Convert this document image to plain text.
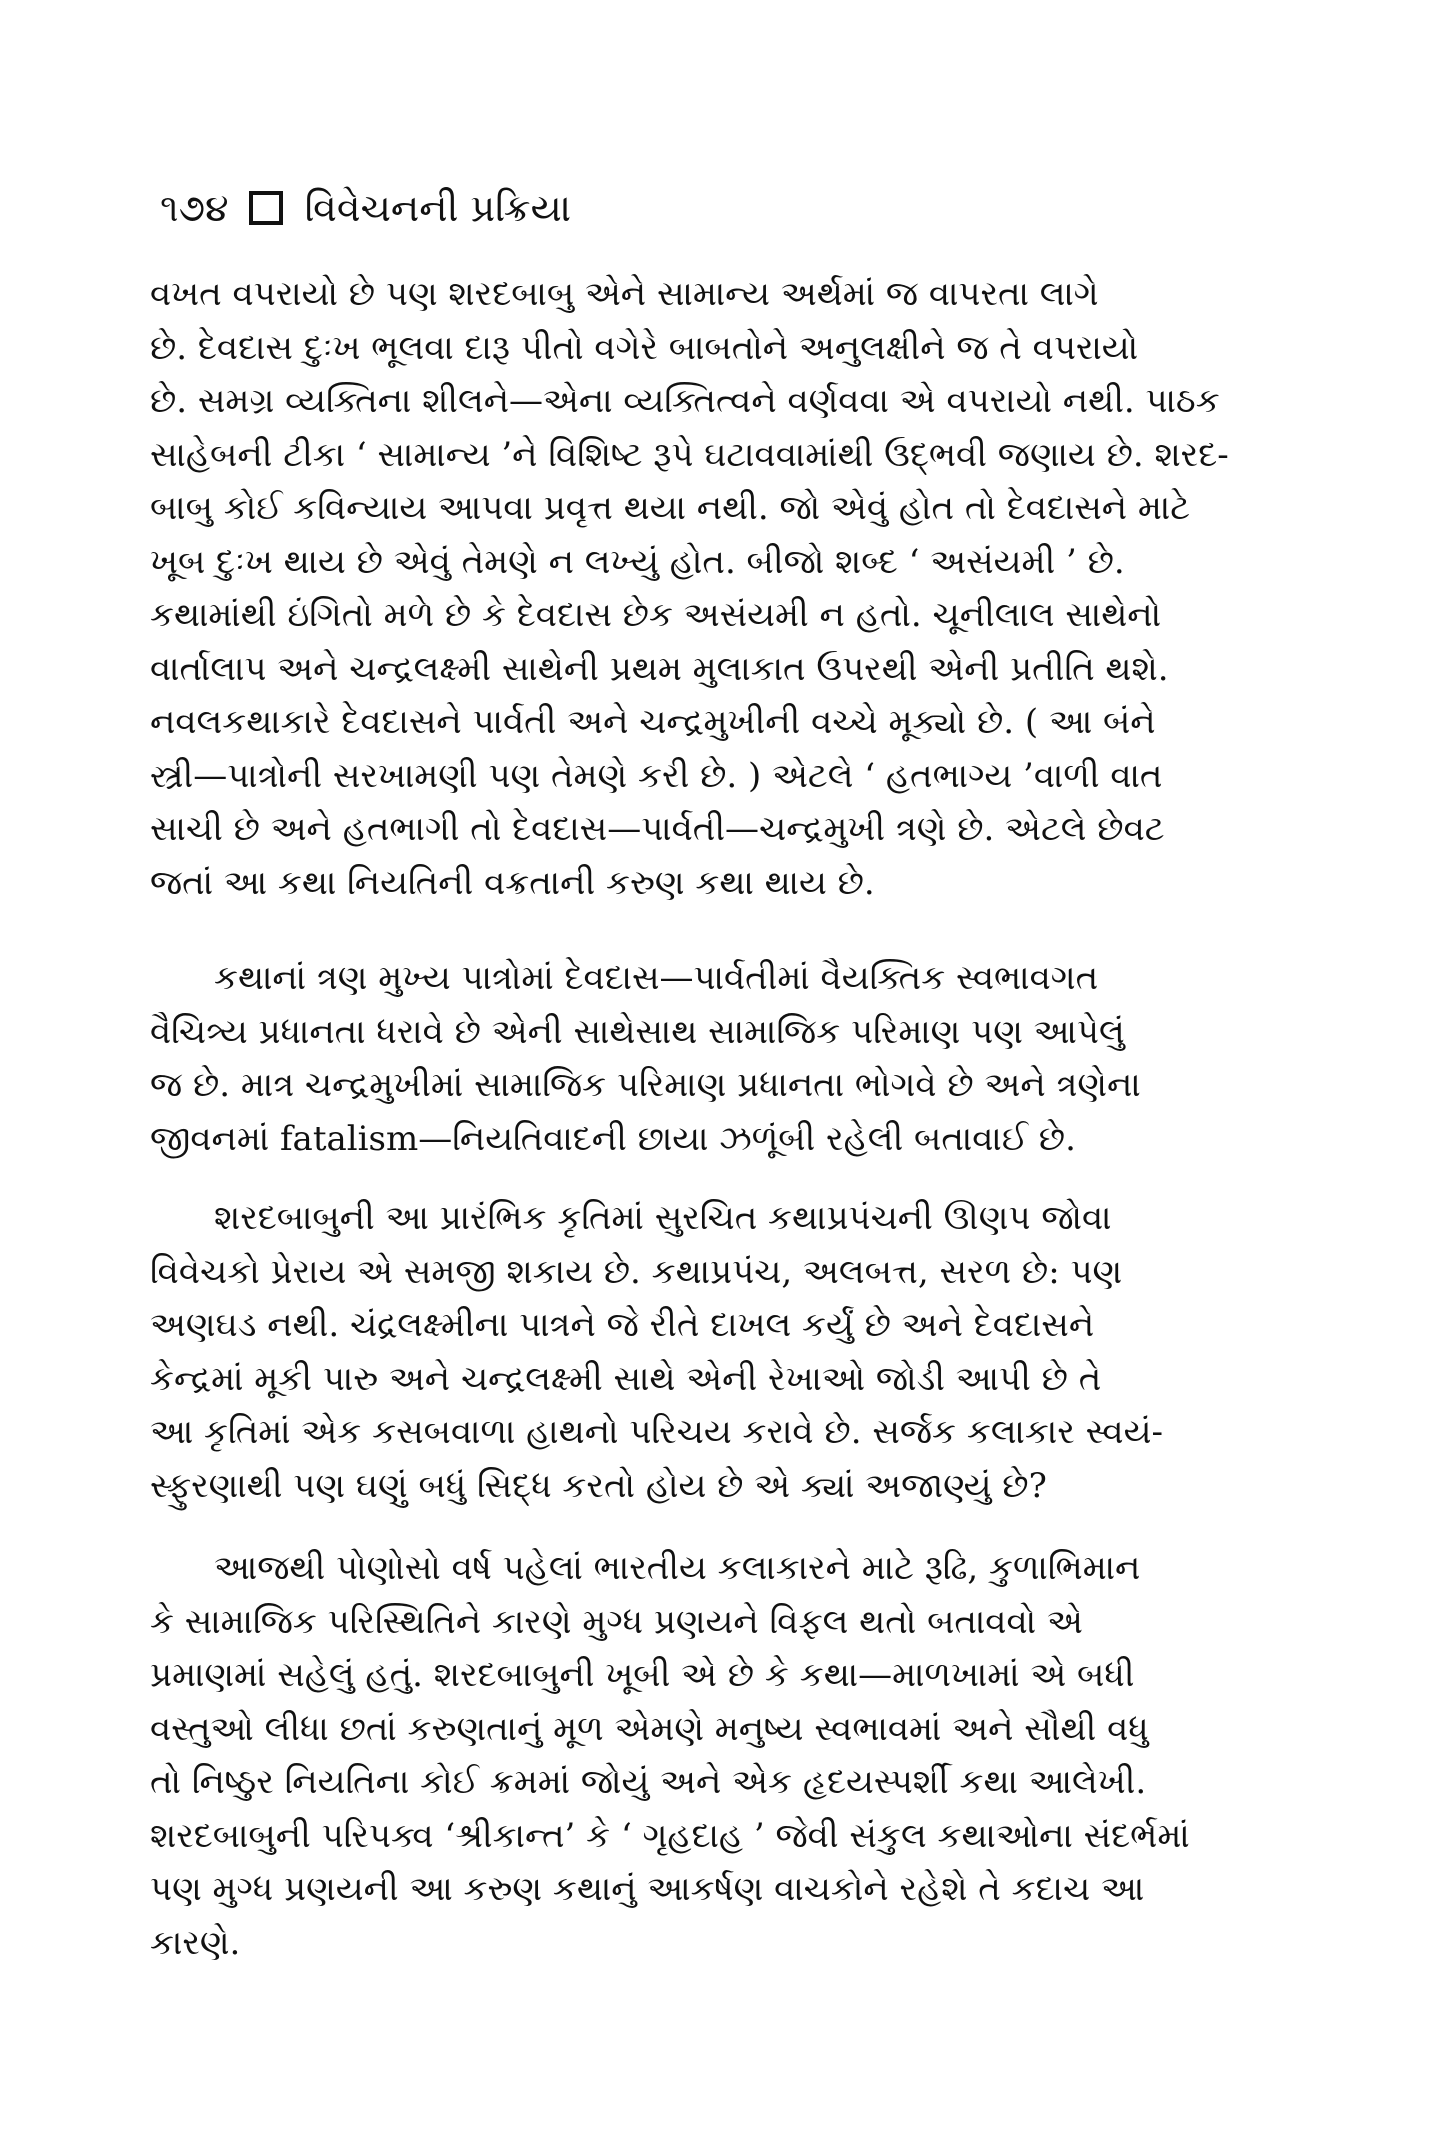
૧૭૪ વિવેચનની પ્રક્રિયા
વખત વપરાયો છે પણ શરદબાબુ એને સામાન્ય અર્થમાં જ વાપરતા લાગે
છે. દેવદાસ દુઃખ ભૂલવા દારૂ પીતો વગેરે બાબતોને અનુલક્ષીને જ તે વપરાયો
છે. સમગ્ર વ્યક્તિના શીલને—એના વ્યક્તિત્વને વર્ણવવા એ વપરાયો નથી. પાઠક
સાહેબની ટીકા ‘ સામાન્ય ’ને વિશિષ્ટ રૂપે ઘટાવવામાંથી ઉદ્‌ભવી જણાય છે. શરદ-
બાબુ કોઈ કવિન્યાય આપવા પ્રવૃત્ત થયા નથી. જો એવું હોત તો દેવદાસને માટે
ખૂબ દુઃખ થાય છે એવું તેમણે ન લખ્યું હોત. બીજો શબ્દ ‘ અસંયમી ’ છે.
કથામાંથી ઇંગિતો મળે છે કે દેવદાસ છેક અસંયમી ન હતો. ચૂનીલાલ સાથેનો
વાર્તાલાપ અને ચન્દ્રલક્ષ્મી સાથેની પ્રથમ મુલાકાત ઉપરથી એની પ્રતીતિ થશે.
નવલકથાકારે દેવદાસને પાર્વતી અને ચન્દ્રમુખીની વચ્ચે મૂક્યો છે. ( આ બંને
સ્ત્રી—પાત્રોની સરખામણી પણ તેમણે કરી છે. ) એટલે ‘ હતભાગ્ય ’વાળી વાત
સાચી છે અને હતભાગી તો દેવદાસ—પાર્વતી—ચન્દ્રમુખી ત્રણે છે. એટલે છેવટ
જતાં આ કથા નિયતિની વક્રતાની કરુણ કથા થાય છે.
કથાનાં ત્રણ મુખ્ય પાત્રોમાં દેવદાસ—પાર્વતીમાં વૈયક્તિક સ્વભાવગત
વૈચિત્ર્ય પ્રધાનતા ધરાવે છે એની સાથેસાથ સામાજિક પરિમાણ પણ આપેલું
જ છે. માત્ર ચન્દ્રમુખીમાં સામાજિક પરિમાણ પ્રધાનતા ભોગવે છે અને ત્રણેના
જીવનમાં fatalism—નિયતિવાદની છાયા ઝળૂંબી રહેલી બતાવાઈ છે.
શરદબાબુની આ પ્રારંભિક કૃતિમાં સુરચિત કથાપ્રપંચની ઊણપ જોવા
વિવેચકો પ્રેરાય એ સમજી શકાય છે. કથાપ્રપંચ, અલબત્ત, સરળ છે: પણ
અણઘડ નથી. ચંદ્રલક્ષ્મીના પાત્રને જે રીતે દાખલ કર્યું છે અને દેવદાસને
કેન્દ્રમાં મૂકી પારુ અને ચન્દ્રલક્ષ્મી સાથે એની રેખાઓ જોડી આપી છે તે
આ કૃતિમાં એક કસબવાળા હાથનો પરિચય કરાવે છે. સર્જક કલાકાર સ્વયં-
સ્ફુરણાથી પણ ઘણું બધું સિદ્ધ કરતો હોય છે એ ક્યાં અજાણ્યું છે?
આજથી પોણોસો વર્ષ પહેલાં ભારતીય કલાકારને માટે રૂઢિ, કુળાભિમાન
કે સામાજિક પરિસ્થિતિને કારણે મુગ્ધ પ્રણયને વિફલ થતો બતાવવો એ
પ્રમાણમાં સહેલું હતું. શરદબાબુની ખૂબી એ છે કે કથા—માળખામાં એ બધી
વસ્તુઓ લીધા છતાં કરુણતાનું મૂળ એમણે મનુષ્ય સ્વભાવમાં અને સૌથી વધુ
તો નિષ્ઠુર નિયતિના કોઈ ક્રમમાં જોયું અને એક હૃદયસ્પર્શી કથા આલેખી.
શરદબાબુની પરિપક્વ ‘શ્રીકાન્ત’ કે ‘ ગૃહદાહ ’ જેવી સંકુલ કથાઓના સંદર્ભમાં
પણ મુગ્ધ પ્રણયની આ કરુણ કથાનું આકર્ષણ વાચકોને રહેશે તે કદાચ આ
કારણે.
